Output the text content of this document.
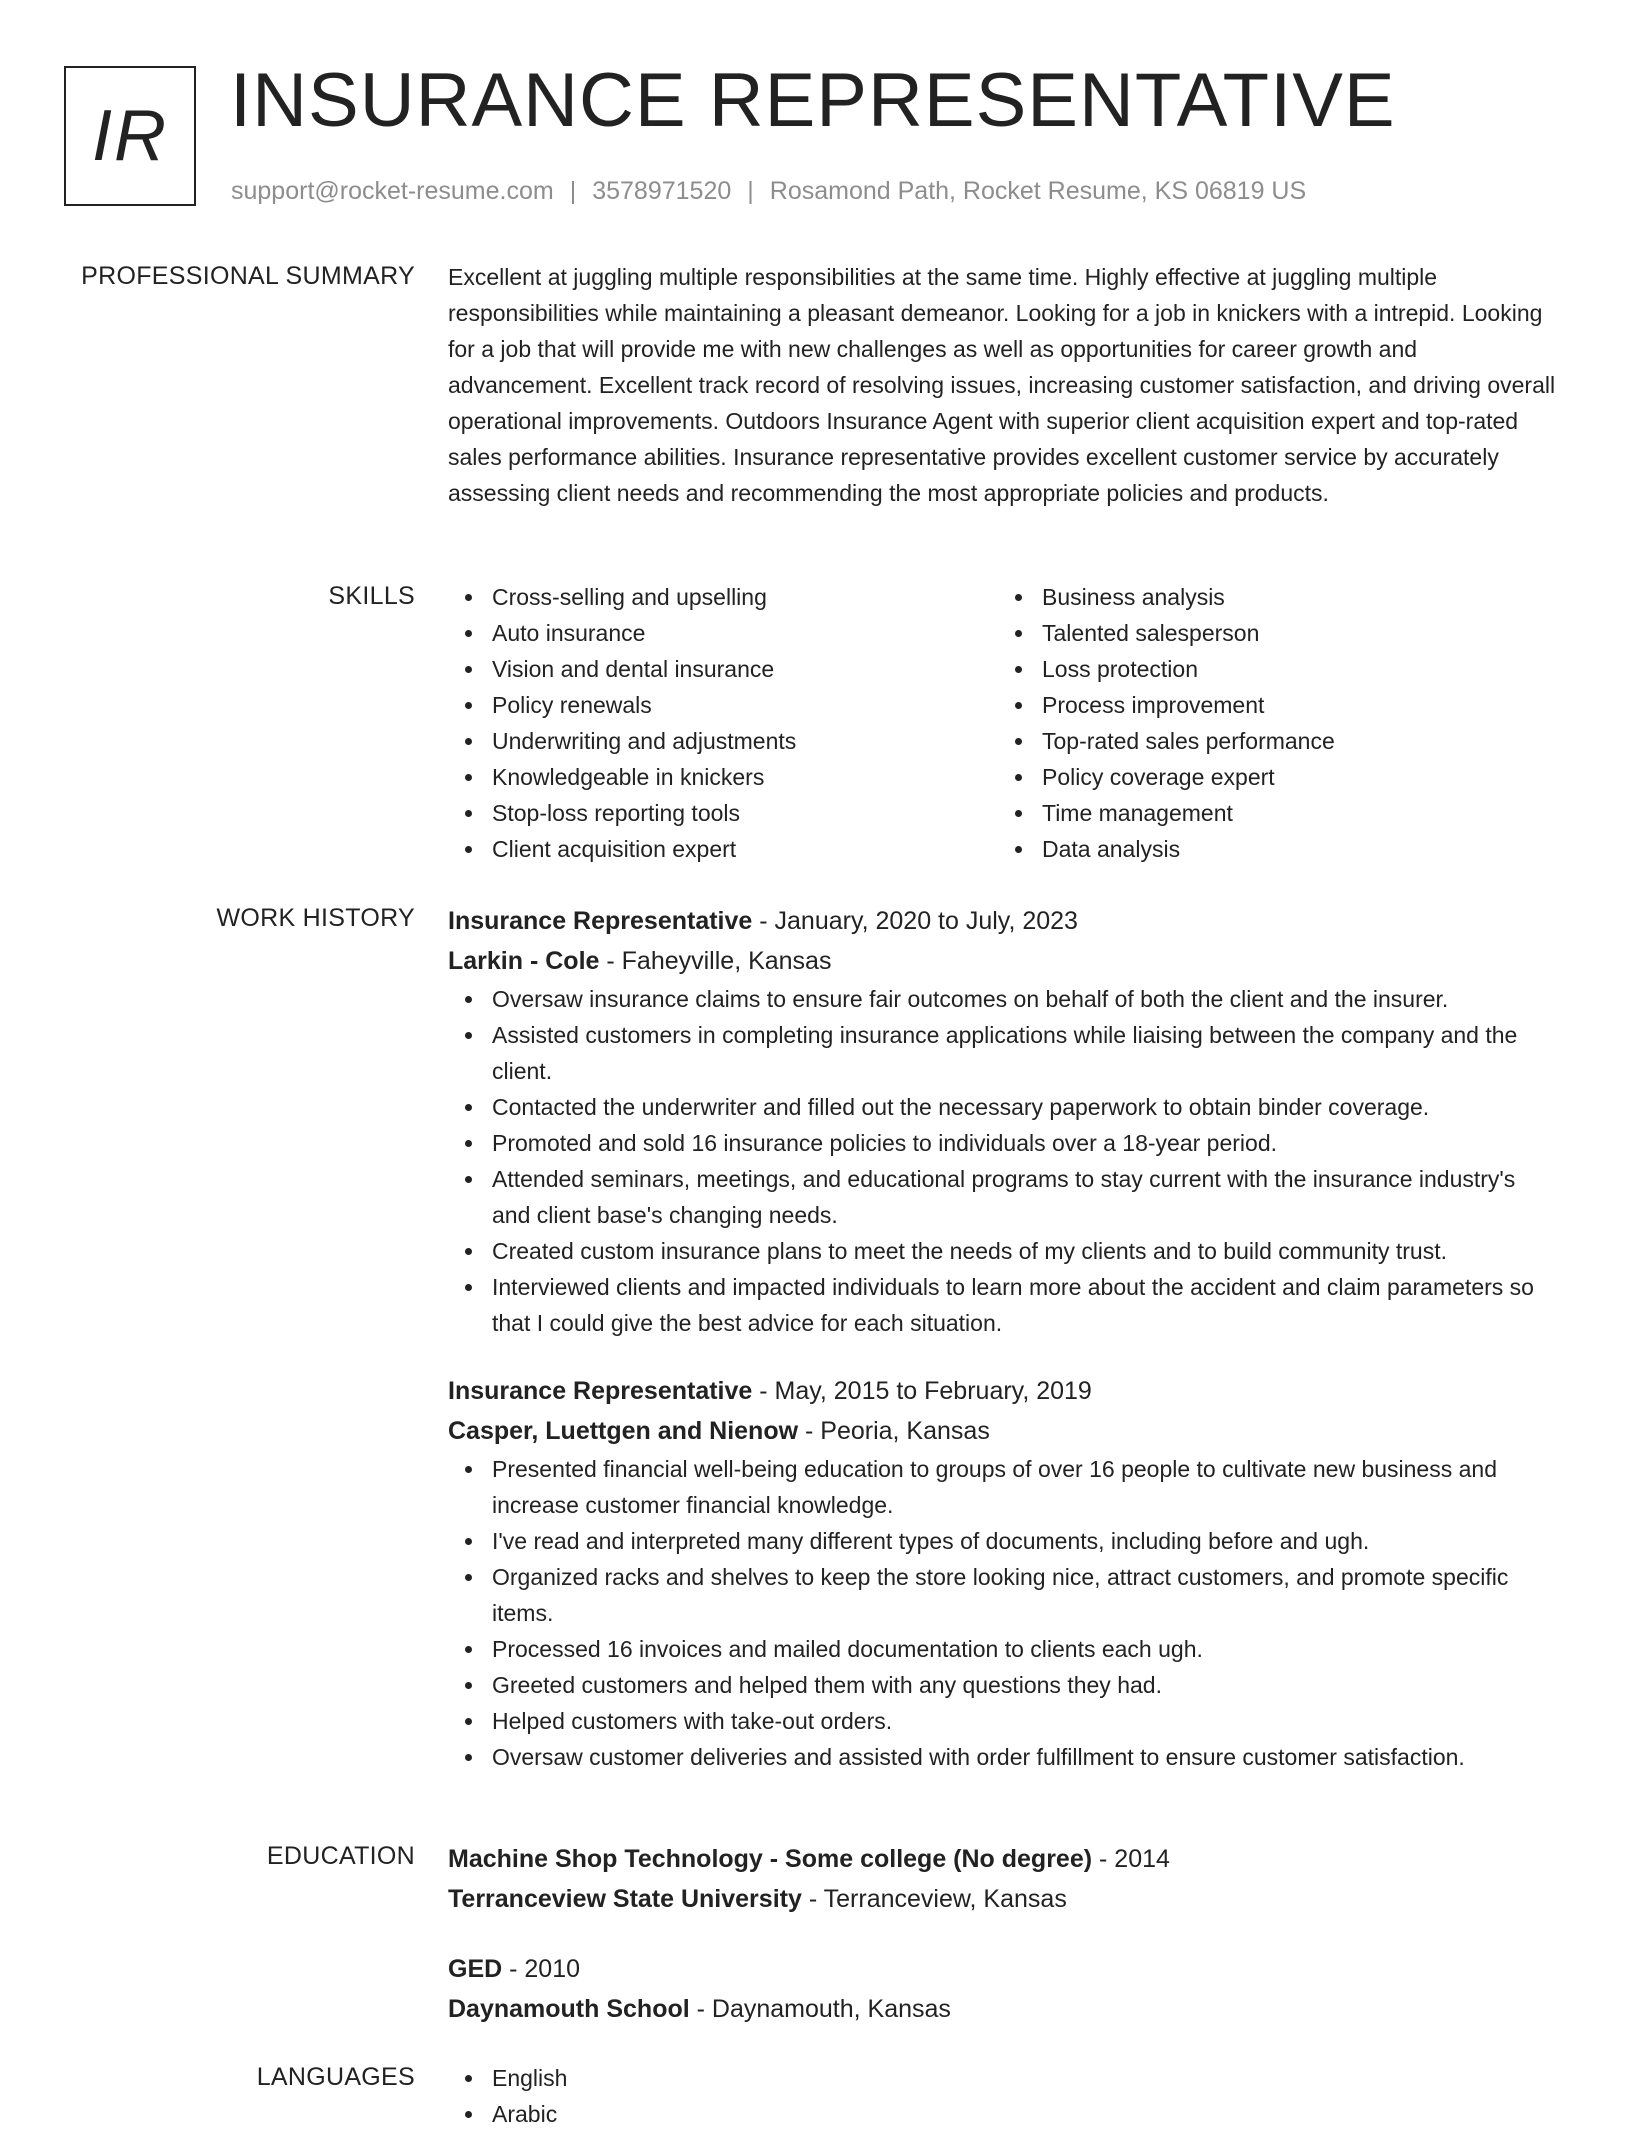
IR INSURANCE REPRESENTATIVE
support@rocket-resume.com | 3578971520 | Rosamond Path, Rocket Resume, KS 06819 US
PROFESSIONAL SUMMARY Excellent at juggling multiple responsibilities at the same time. Highly effective at juggling multiple responsibilities while maintaining a pleasant demeanor. Looking for a job in knickers with a intrepid. Looking for a job that will provide me with new challenges as well as opportunities for career growth and advancement. Excellent track record of resolving issues, increasing customer satisfaction, and driving overall operational improvements. Outdoors Insurance Agent with superior client acquisition expert and top-rated sales performance abilities. Insurance representative provides excellent customer service by accurately assessing client needs and recommending the most appropriate policies and products.

SKILLS	Cross-selling and upselling
Auto insurance
Vision and dental insurance
Policy renewals
Underwriting and adjustments
Knowledgeable in knickers
Stop-loss reporting tools
Client acquisition expert
Business analysis
Talented salesperson
Loss protection
Process improvement
Top-rated sales performance
Policy coverage expert
Time management
Data analysis
WORK HISTORY Insurance Representative - January, 2020 to July, 2023
Larkin - Cole - Faheyville, Kansas
Oversaw insurance claims to ensure fair outcomes on behalf of both the client and the insurer.
Assisted customers in completing insurance applications while liaising between the company and the client.
Contacted the underwriter and filled out the necessary paperwork to obtain binder coverage.
Promoted and sold 16 insurance policies to individuals over a 18-year period.
Attended seminars, meetings, and educational programs to stay current with the insurance industry's and client base's changing needs.
Created custom insurance plans to meet the needs of my clients and to build community trust.
Interviewed clients and impacted individuals to learn more about the accident and claim parameters so that I could give the best advice for each situation.
Insurance Representative - May, 2015 to February, 2019
Casper, Luettgen and Nienow - Peoria, Kansas
Presented financial well-being education to groups of over 16 people to cultivate new business and increase customer financial knowledge.
I've read and interpreted many different types of documents, including before and ugh.
Organized racks and shelves to keep the store looking nice, attract customers, and promote specific items.
Processed 16 invoices and mailed documentation to clients each ugh.
Greeted customers and helped them with any questions they had.
Helped customers with take-out orders.
Oversaw customer deliveries and assisted with order fulfillment to ensure customer satisfaction.
EDUCATION Machine Shop Technology - Some college (No degree) - 2014
Terranceview State University - Terranceview, Kansas
GED - 2010
Daynamouth School - Daynamouth, Kansas
LANGUAGES	English
Arabic
